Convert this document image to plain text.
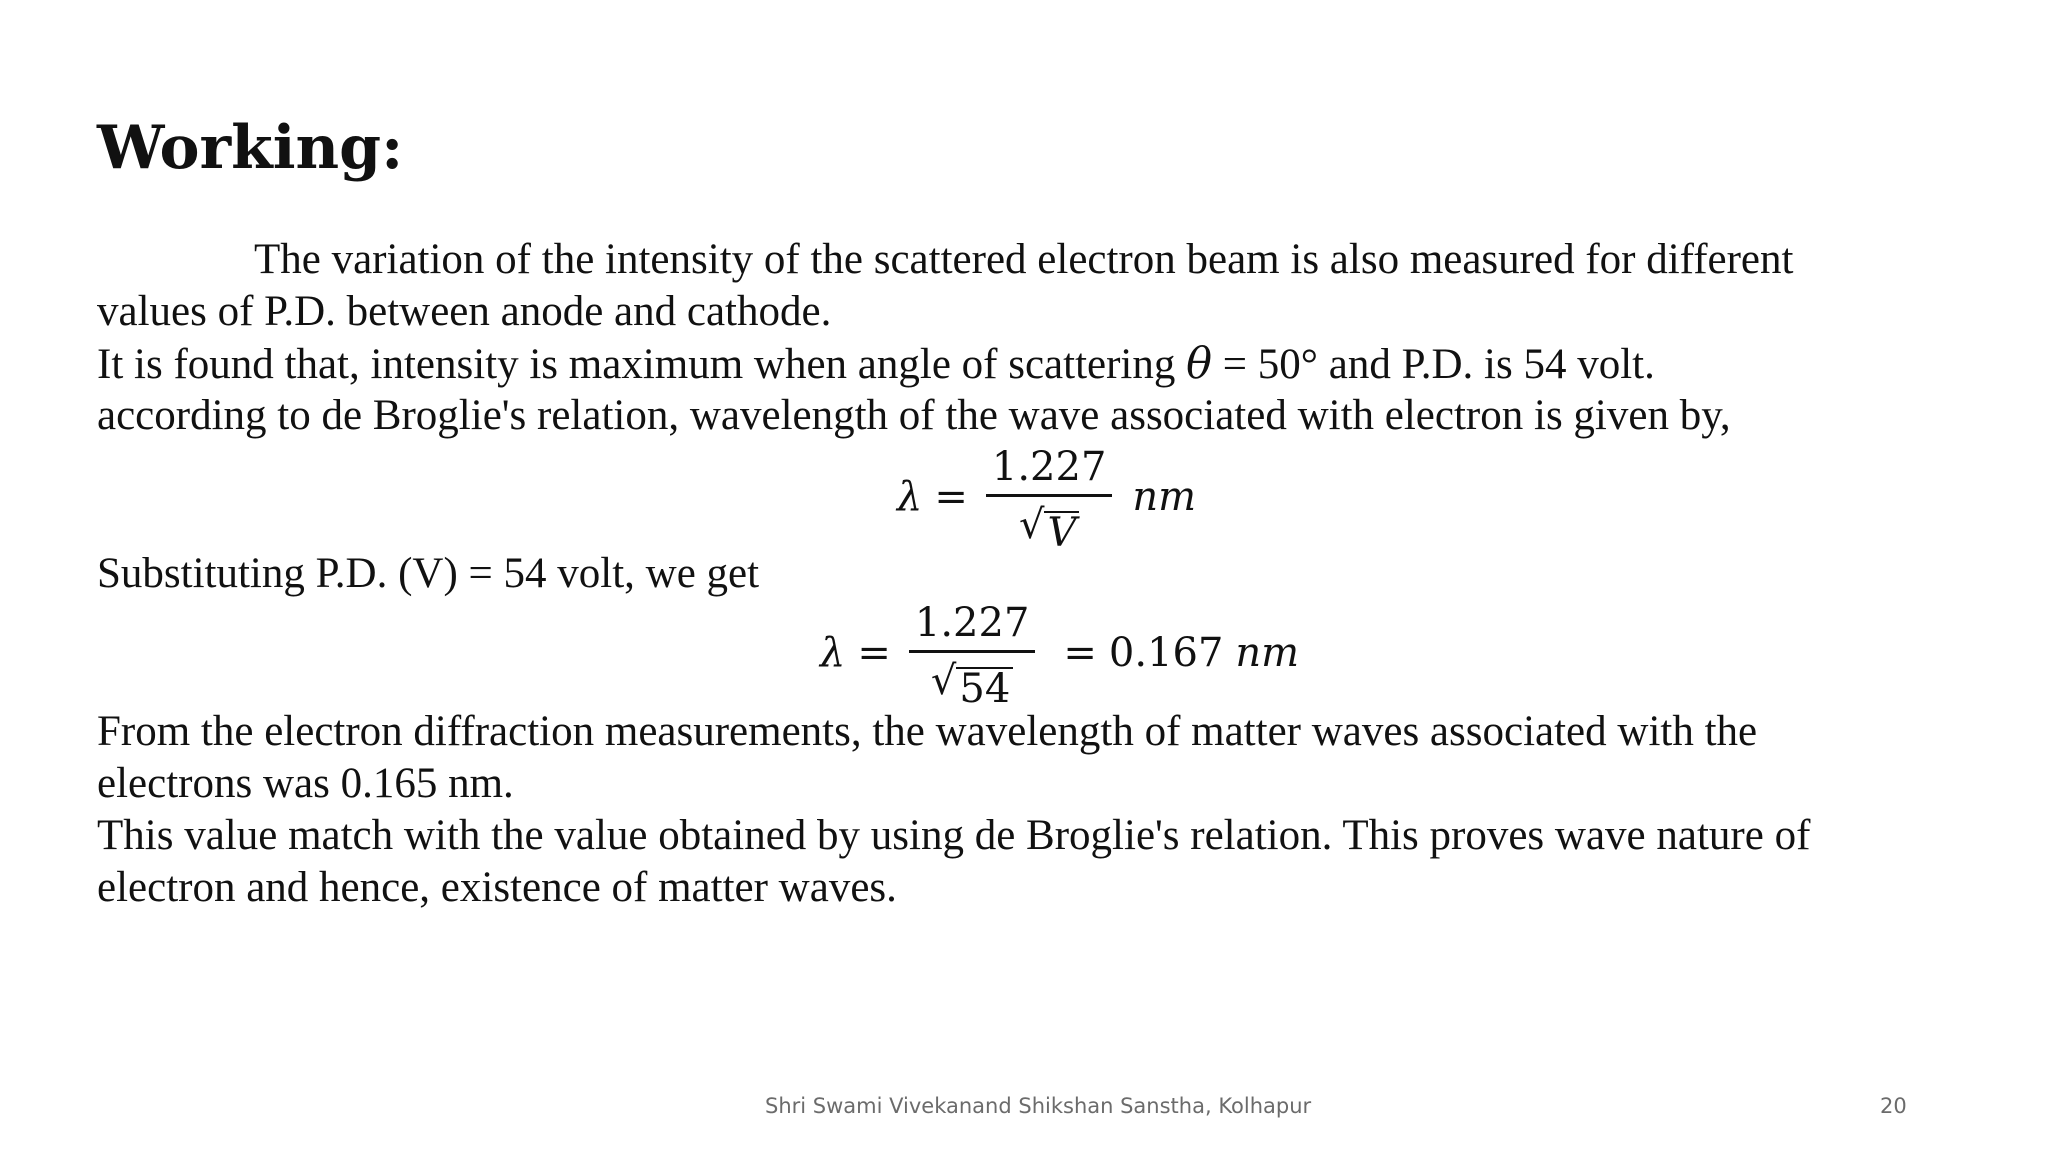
Working:

The variation of the intensity of the scattered electron beam is also measured for different
values of P.D. between anode and cathode.

It is found that, intensity is maximum when angle of scattering θ = 50° and P.D. is 54 volt.

according to de Broglie's relation, wavelength of the wave associated with electron is given by,

$\lambda = \frac{1.227}{√ V}$ nm

Substituting P.D. (V) = 54 volt, we get

$\lambda = \frac{1.227}{√ 54} = 0.167$ nm

From the electron diffraction measurements, the wavelength of matter waves associated with the
electrons was 0.165 nm.

This value match with the value obtained by using de Broglie's relation. This proves wave nature of
electron and hence, existence of matter waves.

Shri Swami Vivekanand Shikshan Sanstha, Kolhapur	20
